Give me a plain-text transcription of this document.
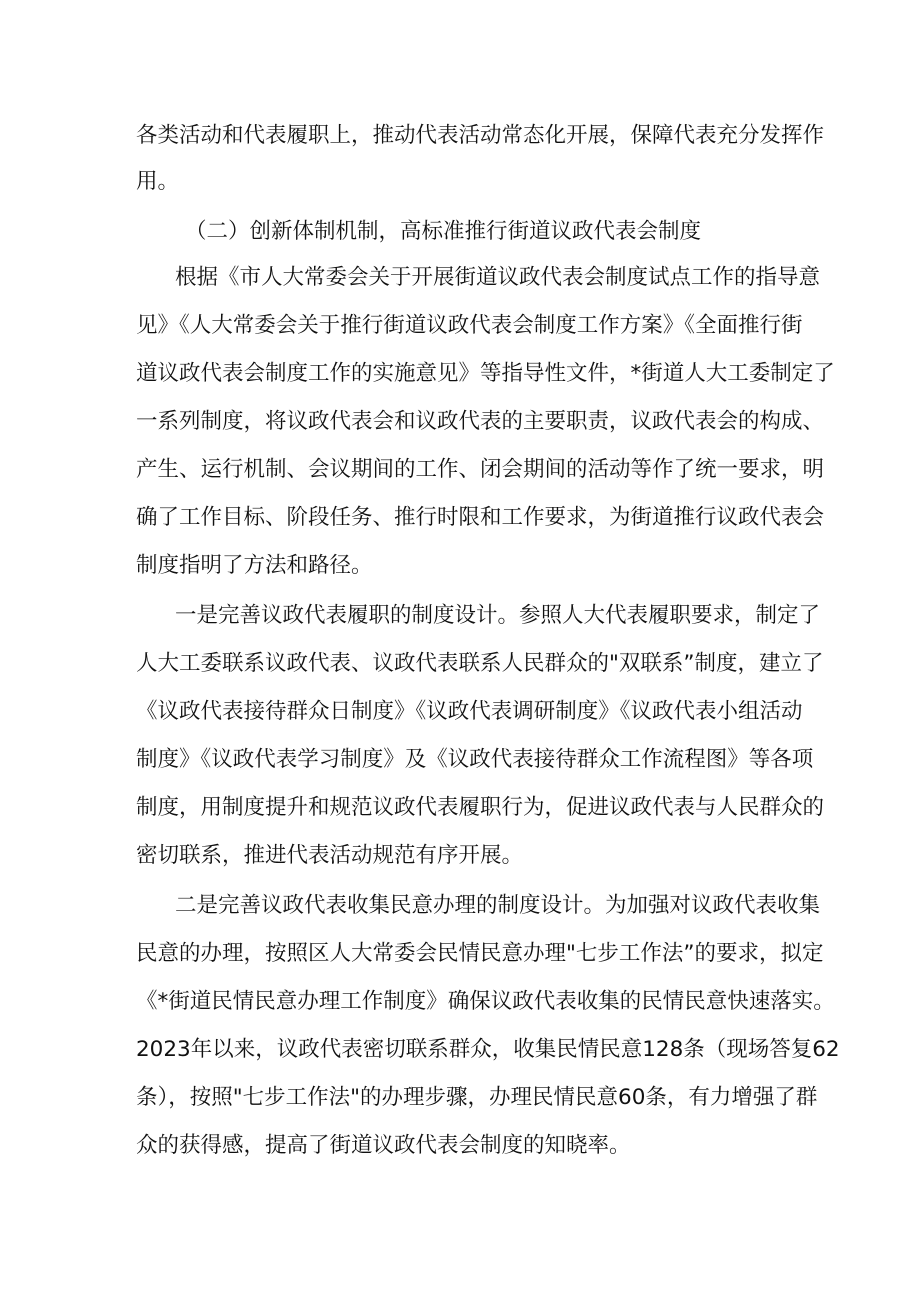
各类活动和代表履职上，推动代表活动常态化开展，保障代表充分发挥作
用。
（二）创新体制机制，高标准推行街道议政代表会制度
根据《市人大常委会关于开展街道议政代表会制度试点工作的指导意
见》《人大常委会关于推行街道议政代表会制度工作方案》《全面推行街
道议政代表会制度工作的实施意见》等指导性文件，*街道人大工委制定了
一系列制度，将议政代表会和议政代表的主要职责，议政代表会的构成、
产生、运行机制、会议期间的工作、闭会期间的活动等作了统一要求，明
确了工作目标、阶段任务、推行时限和工作要求，为街道推行议政代表会
制度指明了方法和路径。
一是完善议政代表履职的制度设计。参照人大代表履职要求，制定了
人大工委联系议政代表、议政代表联系人民群众的"双联系”制度，建立了
《议政代表接待群众日制度》《议政代表调研制度》《议政代表小组活动
制度》《议政代表学习制度》及《议政代表接待群众工作流程图》等各项
制度，用制度提升和规范议政代表履职行为，促进议政代表与人民群众的
密切联系，推进代表活动规范有序开展。
二是完善议政代表收集民意办理的制度设计。为加强对议政代表收集
民意的办理，按照区人大常委会民情民意办理"七步工作法”的要求，拟定
《*街道民情民意办理工作制度》确保议政代表收集的民情民意快速落实。
2023年以来，议政代表密切联系群众，收集民情民意128条（现场答复62
条），按照"七步工作法"的办理步骤，办理民情民意60条，有力增强了群
众的获得感，提高了街道议政代表会制度的知晓率。
